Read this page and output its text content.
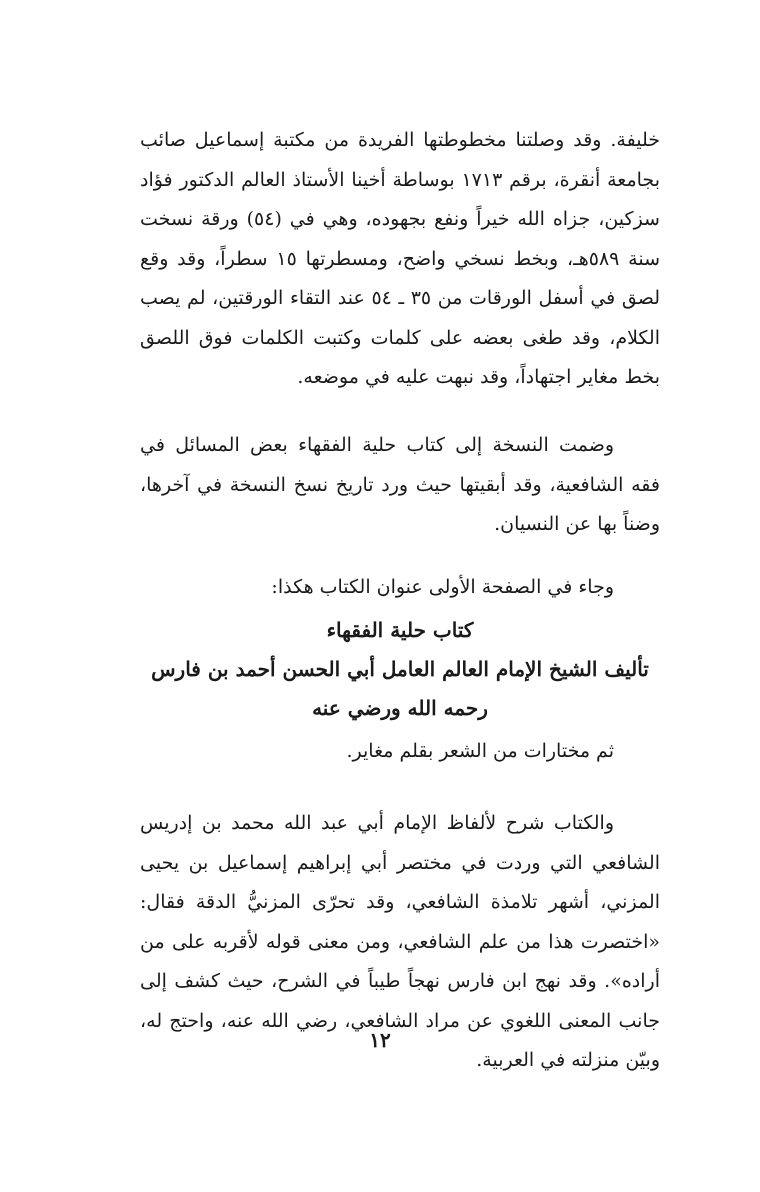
خليفة. وقد وصلتنا مخطوطتها الفريدة من مكتبة إسماعيل صائب بجامعة أنقرة، برقم ١٧١٣ بوساطة أخينا الأستاذ العالم الدكتور فؤاد سزكين، جزاه الله خيراً ونفع بجهوده، وهي في (٥٤) ورقة نسخت سنة ٥٨٩هـ، وبخط نسخي واضح، ومسطرتها ١٥ سطراً، وقد وقع لصق في أسفل الورقات من ٣٥ ـ ٥٤ عند التقاء الورقتين، لم يصب الكلام، وقد طغى بعضه على كلمات وكتبت الكلمات فوق اللصق بخط مغاير اجتهاداً، وقد نبهت عليه في موضعه.
وضمت النسخة إلى كتاب حلية الفقهاء بعض المسائل في فقه الشافعية، وقد أبقيتها حيث ورد تاريخ نسخ النسخة في آخرها، وضناً بها عن النسيان.
وجاء في الصفحة الأولى عنوان الكتاب هكذا:
كتاب حلية الفقهاء
تأليف الشيخ الإمام العالم العامل أبي الحسن أحمد بن فارس
رحمه الله ورضي عنه
ثم مختارات من الشعر بقلم مغاير.
والكتاب شرح لألفاظ الإمام أبي عبد الله محمد بن إدريس الشافعي التي وردت في مختصر أبي إبراهيم إسماعيل بن يحيى المزني، أشهر تلامذة الشافعي، وقد تحرّى المزنيُّ الدقة فقال: «اختصرت هذا من علم الشافعي، ومن معنى قوله لأقربه على من أراده». وقد نهج ابن فارس نهجاً طيباً في الشرح، حيث كشف إلى جانب المعنى اللغوي عن مراد الشافعي، رضي الله عنه، واحتج له، وبيّن منزلته في العربية.
١٢
